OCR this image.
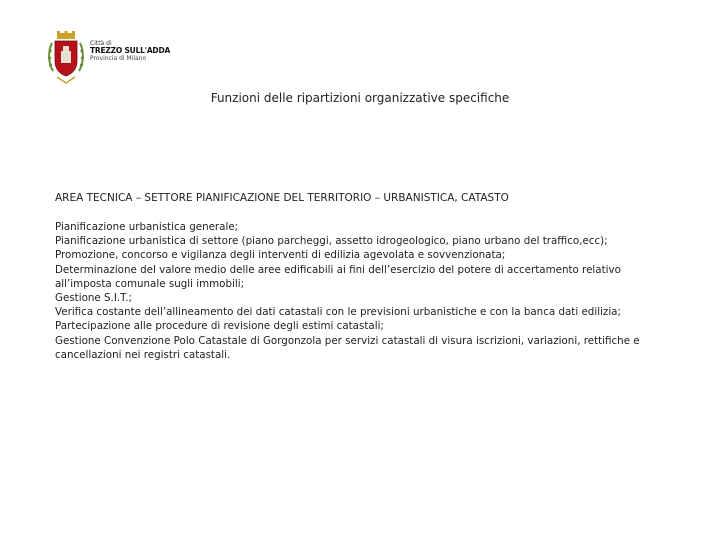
Città di
TREZZO SULL'ADDA
Provincia di Milano
Funzioni delle ripartizioni organizzative specifiche
AREA TECNICA – SETTORE PIANIFICAZIONE DEL TERRITORIO – URBANISTICA, CATASTO
Pianificazione urbanistica generale;
Pianificazione urbanistica di settore (piano parcheggi, assetto idrogeologico, piano urbano del traffico,ecc);
Promozione, concorso e vigilanza degli interventi di edilizia agevolata e sovvenzionata;
Determinazione del valore medio delle aree edificabili ai fini dell’esercizio del potere di accertamento relativo all’imposta comunale sugli immobili;
Gestione S.I.T.;
Verifica costante dell’allineamento dei dati catastali con le previsioni urbanistiche e con la banca dati edilizia;
Partecipazione alle procedure di revisione degli estimi catastali;
Gestione Convenzione Polo Catastale di Gorgonzola per servizi catastali di visura iscrizioni, variazioni, rettifiche e cancellazioni nei registri catastali.
